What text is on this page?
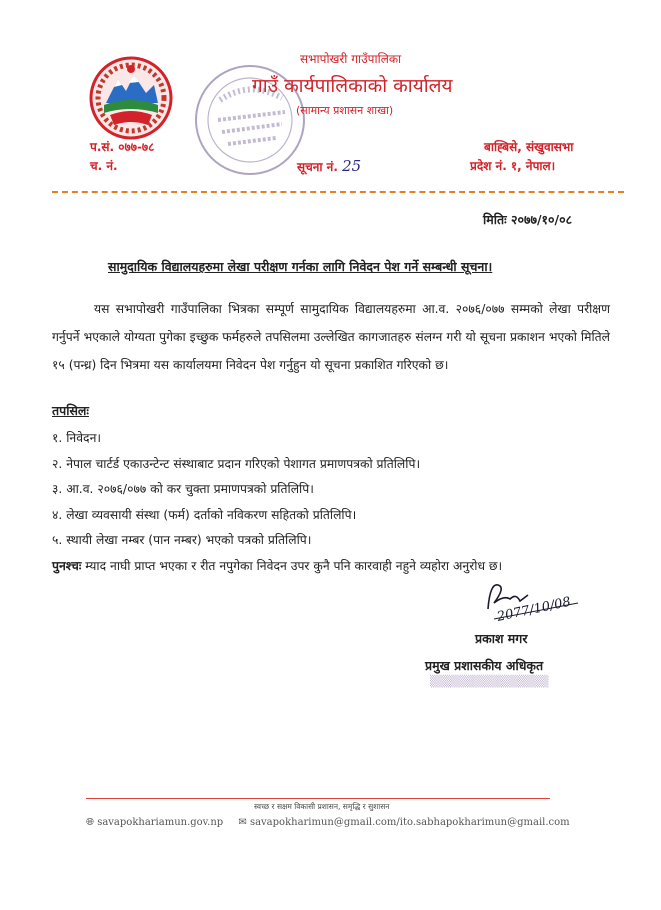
सभापोखरी गाउँपालिका
गाउँ कार्यपालिकाको कार्यालय
(सामान्य प्रशासन शाखा)
प.सं. ०७७-७८
च. नं.	सूचना नं. 25
बाह्बिसे, संखुवासभा
प्रदेश नं. १, नेपाल।
मितिः २०७७/१०/०८
सामुदायिक विद्यालयहरुमा लेखा परीक्षण गर्नका लागि निवेदन पेश गर्ने सम्बन्धी सूचना।
यस सभापोखरी गाउँपालिका भित्रका सम्पूर्ण सामुदायिक विद्यालयहरुमा आ.व. २०७६/०७७ सम्मको लेखा परीक्षण गर्नुपर्ने भएकाले योग्यता पुगेका इच्छुक फर्महरुले तपसिलमा उल्लेखित कागजातहरु संलग्न गरी यो सूचना प्रकाशन भएको मितिले १५ (पन्ध्र) दिन भित्रमा यस कार्यालयमा निवेदन पेश गर्नुहुन यो सूचना प्रकाशित गरिएको छ।
तपसिलः
१. निवेदन।
२. नेपाल चार्टर्ड एकाउन्टेन्ट संस्थाबाट प्रदान गरिएको पेशागत प्रमाणपत्रको प्रतिलिपि।
३. आ.व. २०७६/०७७ को कर चुक्ता प्रमाणपत्रको प्रतिलिपि।
४. लेखा व्यवसायी संस्था (फर्म) दर्ताको नविकरण सहितको प्रतिलिपि।
५. स्थायी लेखा नम्बर (पान नम्बर) भएको पत्रको प्रतिलिपि।
पुनश्चः म्याद नाघी प्राप्त भएका र रीत नपुगेका निवेदन उपर कुनै पनि कारवाही नहुने व्यहोरा अनुरोध छ।
2077/10/08
प्रकाश मगर
प्रमुख प्रशासकीय अधिकृत
▒▒▒▒▒▒▒▒▒▒▒▒▒▒
स्वच्छ र सक्षम विकासी प्रशासन, समृद्धि र सुशासन
🌐︎ savapokhariamun.gov.np ✉ savapokharimun@gmail.com/ito.sabhapokharimun@gmail.com
